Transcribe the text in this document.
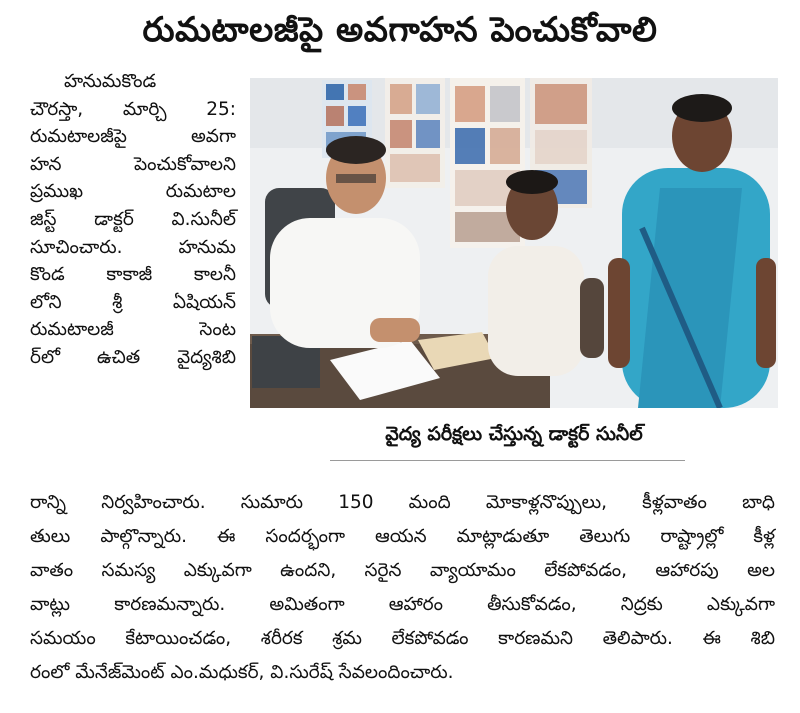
రుమటాలజీపై అవగాహన పెంచుకోవాలి
హనుమకొండ
చౌరస్తా, మార్చి 25:
రుమటాలజీపై అవగా
హన పెంచుకోవాలని
ప్రముఖ రుమటాల
జిస్ట్ డాక్టర్ వి.సునీల్
సూచించారు. హనుమ
కొండ కాకాజీ కాలనీ
లోని శ్రీ ఏషియన్
రుమటాలజీ సెంట
ర్‌లో ఉచిత వైద్యశిబి
వైద్య పరీక్షలు చేస్తున్న డాక్టర్ సునీల్
రాన్ని నిర్వహించారు. సుమారు 150 మంది మోకాళ్లనొప్పులు, కీళ్లవాతం బాధి
తులు పాల్గొన్నారు. ఈ సందర్భంగా ఆయన మాట్లాడుతూ తెలుగు రాష్ట్రాల్లో కీళ్ల
వాతం సమస్య ఎక్కువగా ఉందని, సరైన వ్యాయామం లేకపోవడం, ఆహారపు అల
వాట్లు కారణమన్నారు. అమితంగా ఆహారం తీసుకోవడం, నిద్రకు ఎక్కువగా
సమయం కేటాయించడం, శరీరక శ్రమ లేకపోవడం కారణమని తెలిపారు. ఈ శిబి
రంలో మేనేజ్‌మెంట్ ఎం.మధుకర్, వి.సురేష్ సేవలందించారు.
